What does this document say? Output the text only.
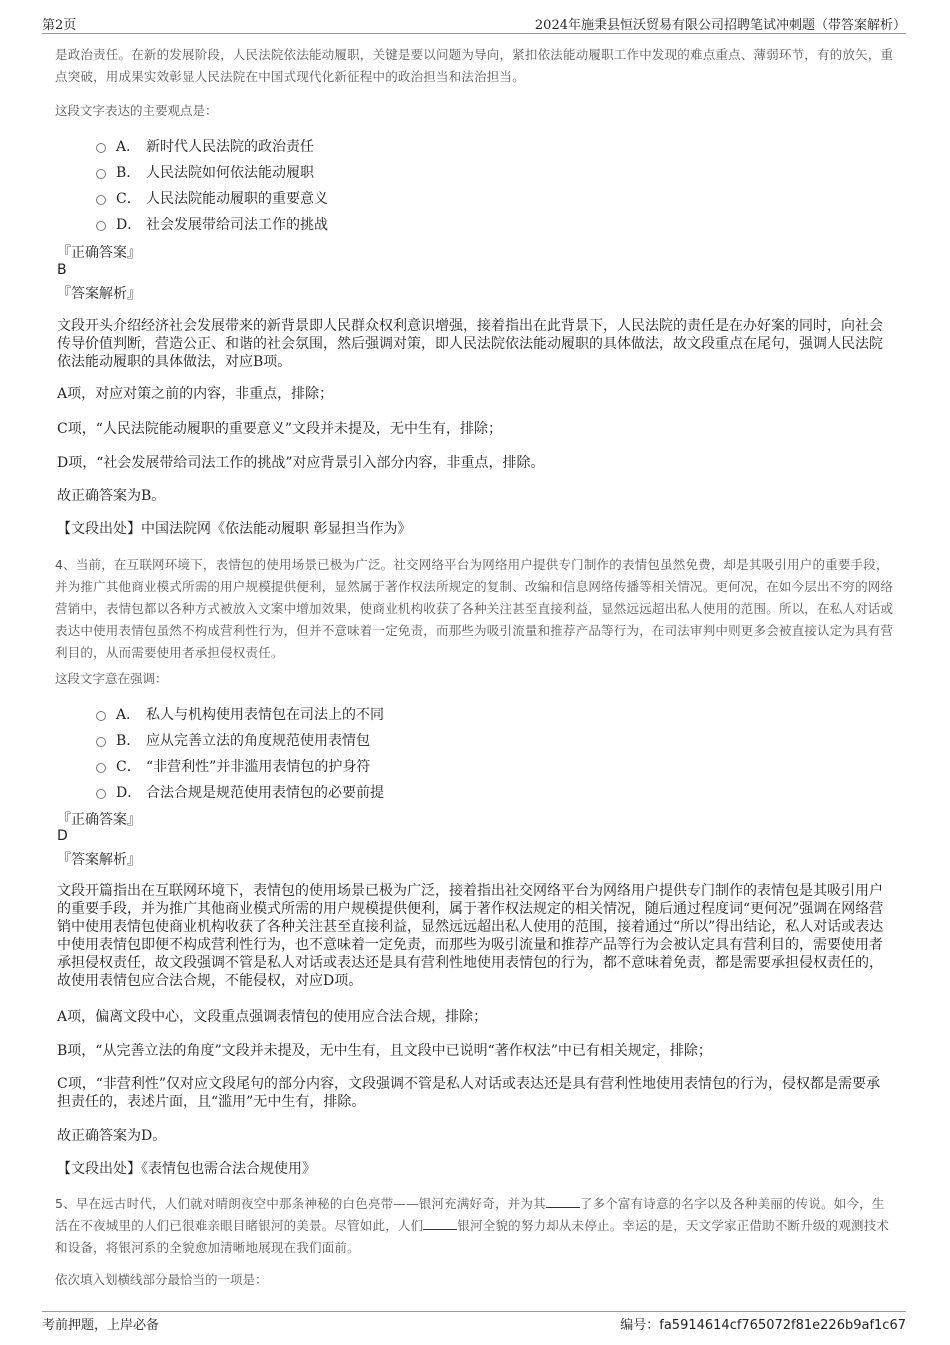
第2页	2024年施秉县恒沃贸易有限公司招聘笔试冲刺题（带答案解析）
是政治责任。在新的发展阶段，人民法院依法能动履职，关键是要以问题为导向，紧扣依法能动履职工作中发现的难点重点、薄弱环节，有的放矢，重点突破，用成果实效彰显人民法院在中国式现代化新征程中的政治担当和法治担当。
这段文字表达的主要观点是：
A． 新时代人民法院的政治责任
B． 人民法院如何依法能动履职
C． 人民法院能动履职的重要意义
D． 社会发展带给司法工作的挑战
『正确答案』
B
『答案解析』
文段开头介绍经济社会发展带来的新背景即人民群众权利意识增强，接着指出在此背景下，人民法院的责任是在办好案的同时，向社会传导价值判断，营造公正、和谐的社会氛围，然后强调对策，即人民法院依法能动履职的具体做法，故文段重点在尾句，强调人民法院依法能动履职的具体做法，对应B项。
A项，对应对策之前的内容，非重点，排除；
C项，“人民法院能动履职的重要意义”文段并未提及，无中生有，排除；
D项，“社会发展带给司法工作的挑战”对应背景引入部分内容，非重点，排除。
故正确答案为B。
【文段出处】中国法院网《依法能动履职 彰显担当作为》
4、当前，在互联网环境下，表情包的使用场景已极为广泛。社交网络平台为网络用户提供专门制作的表情包虽然免费，却是其吸引用户的重要手段，并为推广其他商业模式所需的用户规模提供便利，显然属于著作权法所规定的复制、改编和信息网络传播等相关情况。更何况，在如今层出不穷的网络营销中，表情包都以各种方式被放入文案中增加效果，使商业机构收获了各种关注甚至直接利益，显然远远超出私人使用的范围。所以，在私人对话或表达中使用表情包虽然不构成营利性行为，但并不意味着一定免责，而那些为吸引流量和推荐产品等行为，在司法审判中则更多会被直接认定为具有营利目的，从而需要使用者承担侵权责任。
这段文字意在强调：
A． 私人与机构使用表情包在司法上的不同
B． 应从完善立法的角度规范使用表情包
C． “非营利性”并非滥用表情包的护身符
D． 合法合规是规范使用表情包的必要前提
『正确答案』
D
『答案解析』
文段开篇指出在互联网环境下，表情包的使用场景已极为广泛，接着指出社交网络平台为网络用户提供专门制作的表情包是其吸引用户的重要手段，并为推广其他商业模式所需的用户规模提供便利，属于著作权法规定的相关情况，随后通过程度词“更何况”强调在网络营销中使用表情包使商业机构收获了各种关注甚至直接利益，显然远远超出私人使用的范围，接着通过“所以”得出结论，私人对话或表达中使用表情包即便不构成营利性行为，也不意味着一定免责，而那些为吸引流量和推荐产品等行为会被认定具有营利目的，需要使用者承担侵权责任，故文段强调不管是私人对话或表达还是具有营利性地使用表情包的行为，都不意味着免责，都是需要承担侵权责任的，故使用表情包应合法合规，不能侵权，对应D项。
A项，偏离文段中心，文段重点强调表情包的使用应合法合规，排除；
B项，“从完善立法的角度”文段并未提及，无中生有，且文段中已说明“著作权法”中已有相关规定，排除；
C项，“非营利性”仅对应文段尾句的部分内容，文段强调不管是私人对话或表达还是具有营利性地使用表情包的行为，侵权都是需要承担责任的，表述片面，且“滥用”无中生有，排除。
故正确答案为D。
【文段出处】《表情包也需合法合规使用》
5、早在远古时代，人们就对晴朗夜空中那条神秘的白色亮带——银河充满好奇，并为其	了多个富有诗意的名字以及各种美丽的传说。如今，生活在不夜城里的人们已很难亲眼目睹银河的美景。尽管如此，人们	银河全貌的努力却从未停止。幸运的是，天文学家正借助不断升级的观测技术和设备，将银河系的全貌愈加清晰地展现在我们面前。
依次填入划横线部分最恰当的一项是：
考前押题，上岸必备	编号：fa5914614cf765072f81e226b9af1c67
